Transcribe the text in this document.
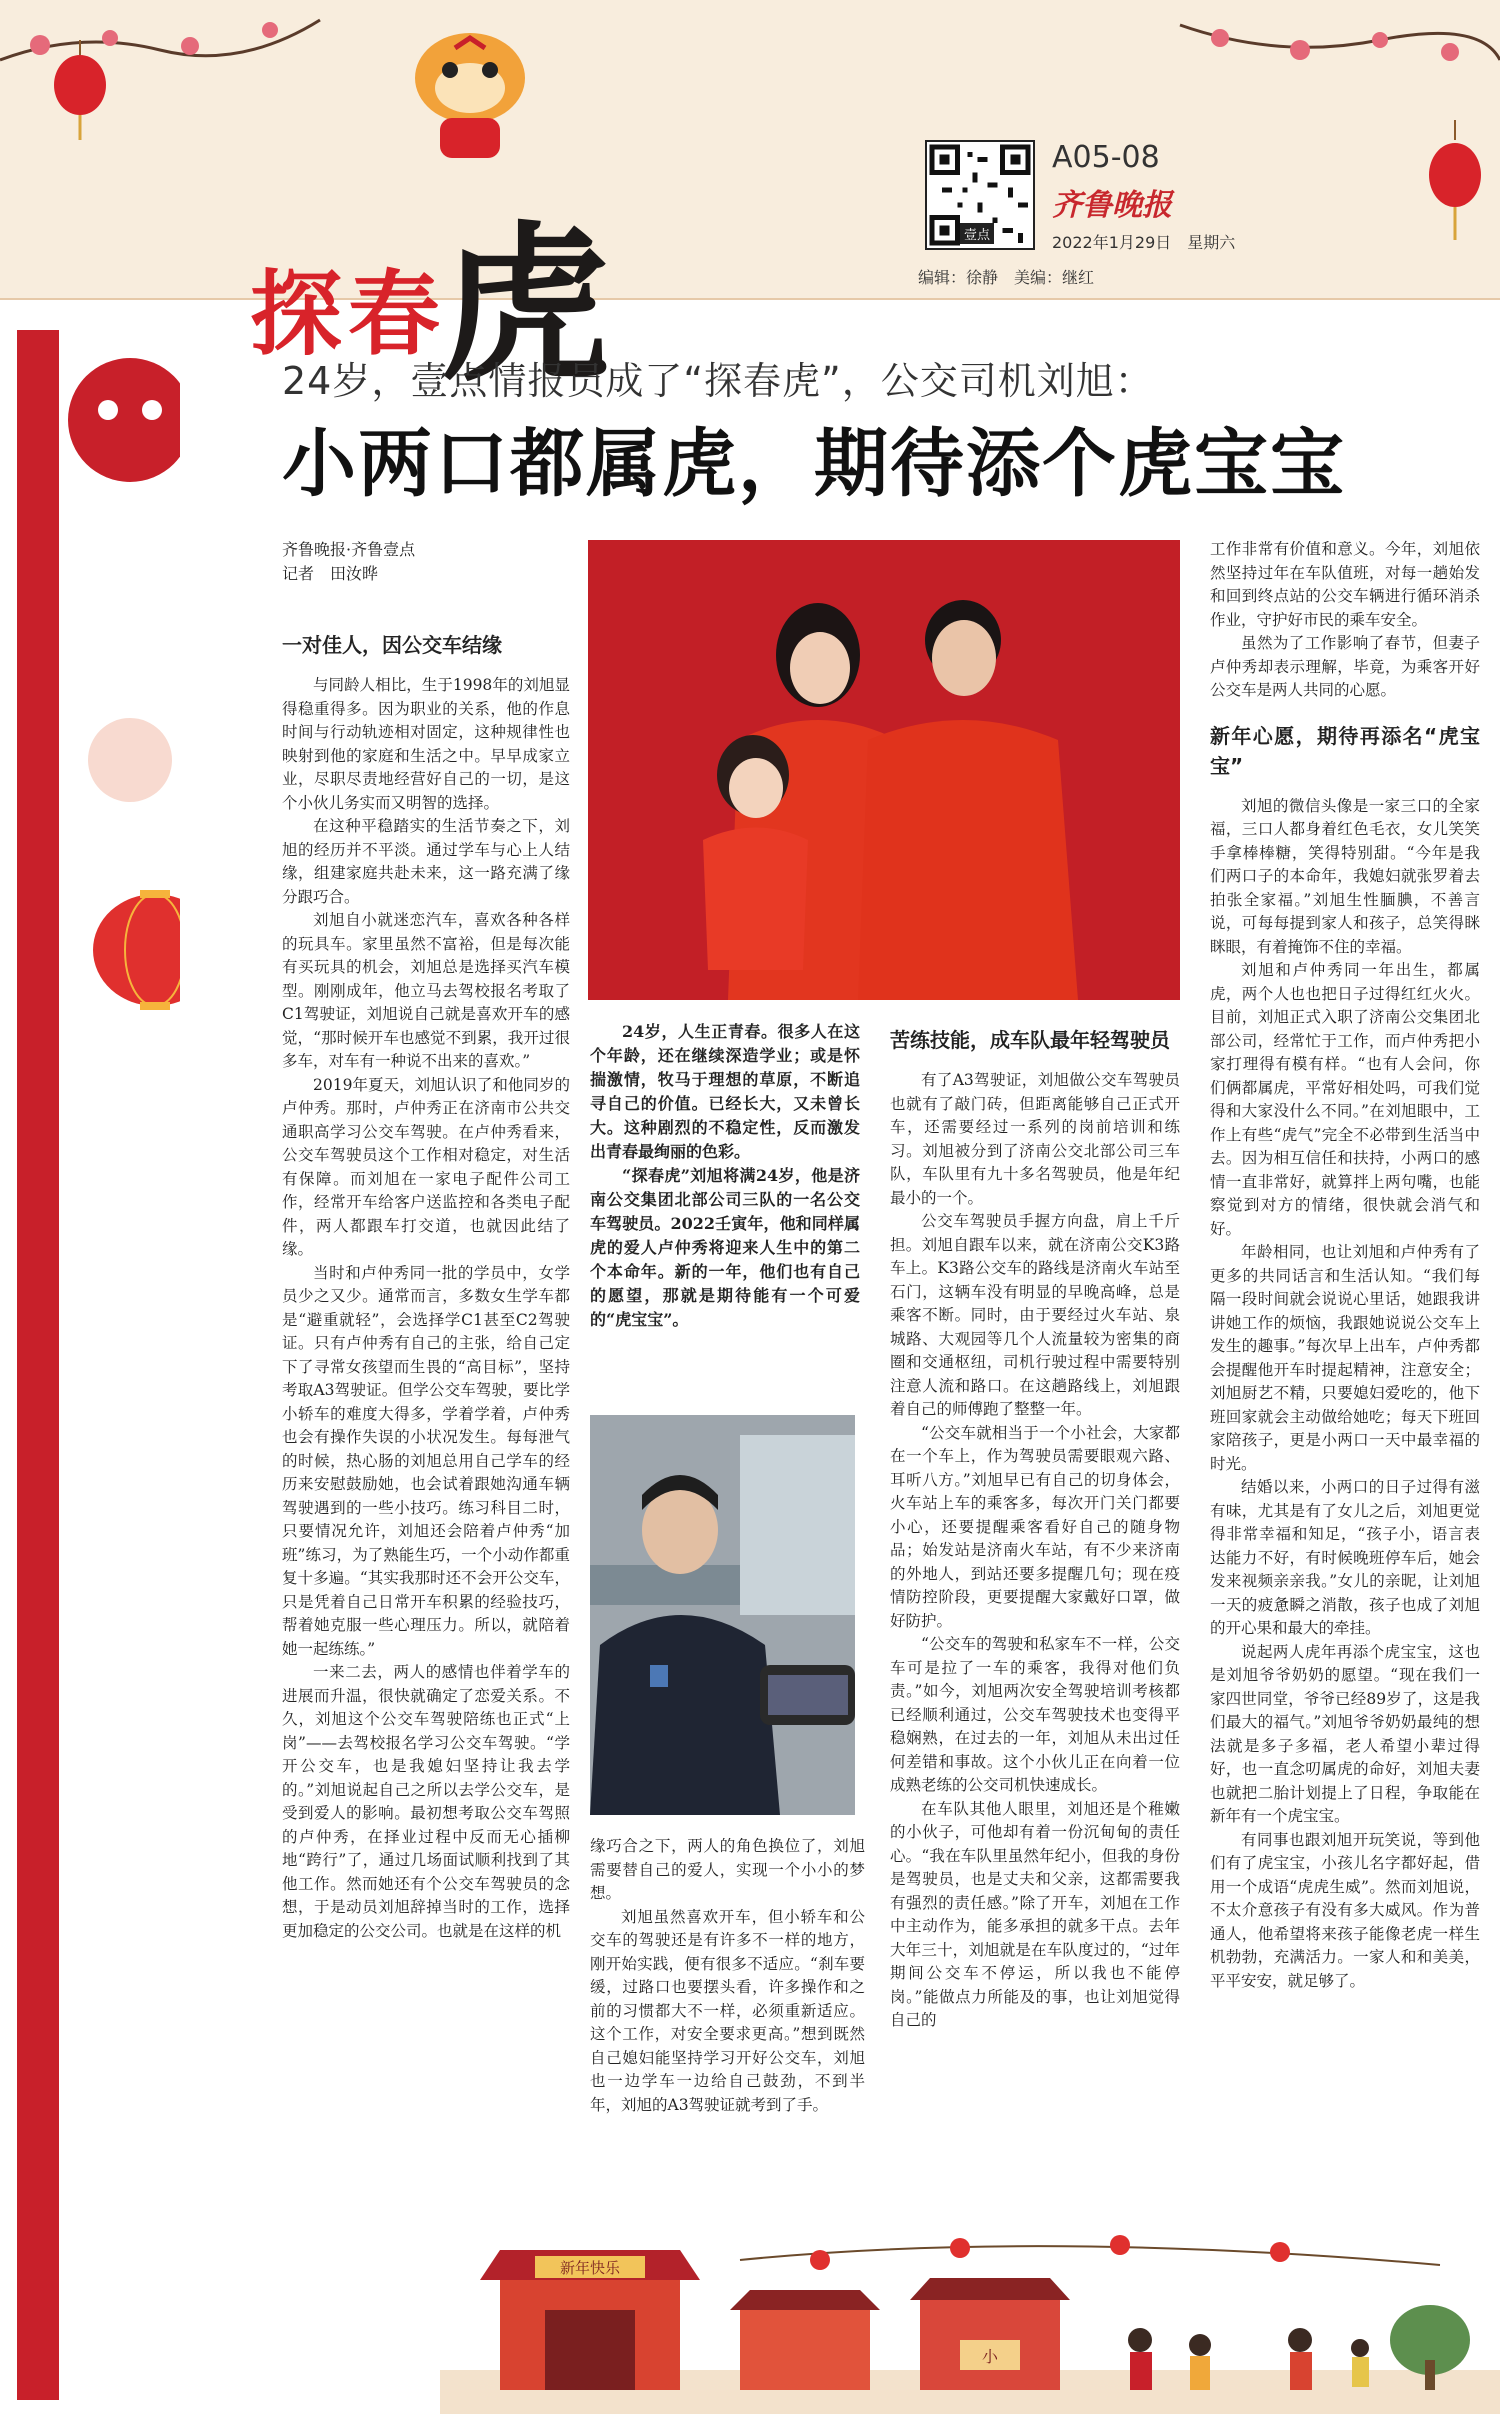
探春虎	壹点
A05-08
齐鲁晚报
2022年1月29日　星期六
编辑：徐静　美编：继红
24岁，壹点情报员成了“探春虎”，公交司机刘旭：
小两口都属虎，期待添个虎宝宝
齐鲁晚报·齐鲁壹点
记者　田汝晔
一对佳人，因公交车结缘

与同龄人相比，生于1998年的刘旭显得稳重得多。因为职业的关系，他的作息时间与行动轨迹相对固定，这种规律性也映射到他的家庭和生活之中。早早成家立业，尽职尽责地经营好自己的一切，是这个小伙儿务实而又明智的选择。

在这种平稳踏实的生活节奏之下，刘旭的经历并不平淡。通过学车与心上人结缘，组建家庭共赴未来，这一路充满了缘分跟巧合。

刘旭自小就迷恋汽车，喜欢各种各样的玩具车。家里虽然不富裕，但是每次能有买玩具的机会，刘旭总是选择买汽车模型。刚刚成年，他立马去驾校报名考取了C1驾驶证，刘旭说自己就是喜欢开车的感觉，“那时候开车也感觉不到累，我开过很多车，对车有一种说不出来的喜欢。”

2019年夏天，刘旭认识了和他同岁的卢仲秀。那时，卢仲秀正在济南市公共交通职高学习公交车驾驶。在卢仲秀看来，公交车驾驶员这个工作相对稳定，对生活有保障。而刘旭在一家电子配件公司工作，经常开车给客户送监控和各类电子配件，两人都跟车打交道，也就因此结了缘。

当时和卢仲秀同一批的学员中，女学员少之又少。通常而言，多数女生学车都是“避重就轻”，会选择学C1甚至C2驾驶证。只有卢仲秀有自己的主张，给自己定下了寻常女孩望而生畏的“高目标”，坚持考取A3驾驶证。但学公交车驾驶，要比学小轿车的难度大得多，学着学着，卢仲秀也会有操作失误的小状况发生。每每泄气的时候，热心肠的刘旭总用自己学车的经历来安慰鼓励她，也会试着跟她沟通车辆驾驶遇到的一些小技巧。练习科目二时，只要情况允许，刘旭还会陪着卢仲秀“加班”练习，为了熟能生巧，一个小动作都重复十多遍。“其实我那时还不会开公交车，只是凭着自己日常开车积累的经验技巧，帮着她克服一些心理压力。所以，就陪着她一起练练。”

一来二去，两人的感情也伴着学车的进展而升温，很快就确定了恋爱关系。不久，刘旭这个公交车驾驶陪练也正式“上岗”——去驾校报名学习公交车驾驶。“学开公交车，也是我媳妇坚持让我去学的。”刘旭说起自己之所以去学公交车，是受到爱人的影响。最初想考取公交车驾照的卢仲秀，在择业过程中反而无心插柳地“跨行”了，通过几场面试顺利找到了其他工作。然而她还有个公交车驾驶员的念想，于是动员刘旭辞掉当时的工作，选择更加稳定的公交公司。也就是在这样的机

24岁，人生正青春。很多人在这个年龄，还在继续深造学业；或是怀揣激情，牧马于理想的草原，不断追寻自己的价值。已经长大，又未曾长大。这种剧烈的不稳定性，反而激发出青春最绚丽的色彩。

“探春虎”刘旭将满24岁，他是济南公交集团北部公司三队的一名公交车驾驶员。2022壬寅年，他和同样属虎的爱人卢仲秀将迎来人生中的第二个本命年。新的一年，他们也有自己的愿望，那就是期待能有一个可爱的“虎宝宝”。

缘巧合之下，两人的角色换位了，刘旭需要替自己的爱人，实现一个小小的梦想。

刘旭虽然喜欢开车，但小轿车和公交车的驾驶还是有许多不一样的地方，刚开始实践，便有很多不适应。“刹车要缓，过路口也要摆头看，许多操作和之前的习惯都大不一样，必须重新适应。这个工作，对安全要求更高。”想到既然自己媳妇能坚持学习开好公交车，刘旭也一边学车一边给自己鼓劲，不到半年，刘旭的A3驾驶证就考到了手。

苦练技能，成车队最年轻驾驶员

有了A3驾驶证，刘旭做公交车驾驶员也就有了敲门砖，但距离能够自己正式开车，还需要经过一系列的岗前培训和练习。刘旭被分到了济南公交北部公司三车队，车队里有九十多名驾驶员，他是年纪最小的一个。

公交车驾驶员手握方向盘，肩上千斤担。刘旭自跟车以来，就在济南公交K3路车上。K3路公交车的路线是济南火车站至石门，这辆车没有明显的早晚高峰，总是乘客不断。同时，由于要经过火车站、泉城路、大观园等几个人流量较为密集的商圈和交通枢纽，司机行驶过程中需要特别注意人流和路口。在这趟路线上，刘旭跟着自己的师傅跑了整整一年。

“公交车就相当于一个小社会，大家都在一个车上，作为驾驶员需要眼观六路、耳听八方。”刘旭早已有自己的切身体会，火车站上车的乘客多，每次开门关门都要小心，还要提醒乘客看好自己的随身物品；始发站是济南火车站，有不少来济南的外地人，到站还要多提醒几句；现在疫情防控阶段，更要提醒大家戴好口罩，做好防护。

“公交车的驾驶和私家车不一样，公交车可是拉了一车的乘客，我得对他们负责。”如今，刘旭两次安全驾驶培训考核都已经顺利通过，公交车驾驶技术也变得平稳娴熟，在过去的一年，刘旭从未出过任何差错和事故。这个小伙儿正在向着一位成熟老练的公交司机快速成长。

在车队其他人眼里，刘旭还是个稚嫩的小伙子，可他却有着一份沉甸甸的责任心。“我在车队里虽然年纪小，但我的身份是驾驶员，也是丈夫和父亲，这都需要我有强烈的责任感。”除了开车，刘旭在工作中主动作为，能多承担的就多干点。去年大年三十，刘旭就是在车队度过的，“过年期间公交车不停运，所以我也不能停岗。”能做点力所能及的事，也让刘旭觉得自己的

工作非常有价值和意义。今年，刘旭依然坚持过年在车队值班，对每一趟始发和回到终点站的公交车辆进行循环消杀作业，守护好市民的乘车安全。

虽然为了工作影响了春节，但妻子卢仲秀却表示理解，毕竟，为乘客开好公交车是两人共同的心愿。

新年心愿，期待再添名“虎宝宝”

刘旭的微信头像是一家三口的全家福，三口人都身着红色毛衣，女儿笑笑手拿棒棒糖，笑得特别甜。“今年是我们两口子的本命年，我媳妇就张罗着去拍张全家福。”刘旭生性腼腆，不善言说，可每每提到家人和孩子，总笑得眯眯眼，有着掩饰不住的幸福。

刘旭和卢仲秀同一年出生，都属虎，两个人也也把日子过得红红火火。目前，刘旭正式入职了济南公交集团北部公司，经常忙于工作，而卢仲秀把小家打理得有模有样。“也有人会问，你们俩都属虎，平常好相处吗，可我们觉得和大家没什么不同。”在刘旭眼中，工作上有些“虎气”完全不必带到生活当中去。因为相互信任和扶持，小两口的感情一直非常好，就算拌上两句嘴，也能察觉到对方的情绪，很快就会消气和好。

年龄相同，也让刘旭和卢仲秀有了更多的共同话言和生活认知。“我们每隔一段时间就会说说心里话，她跟我讲讲她工作的烦恼，我跟她说说公交车上发生的趣事。”每次早上出车，卢仲秀都会提醒他开车时提起精神，注意安全；刘旭厨艺不精，只要媳妇爱吃的，他下班回家就会主动做给她吃；每天下班回家陪孩子，更是小两口一天中最幸福的时光。

结婚以来，小两口的日子过得有滋有味，尤其是有了女儿之后，刘旭更觉得非常幸福和知足，“孩子小，语言表达能力不好，有时候晚班停车后，她会发来视频亲亲我。”女儿的亲昵，让刘旭一天的疲惫瞬之消散，孩子也成了刘旭的开心果和最大的牵挂。

说起两人虎年再添个虎宝宝，这也是刘旭爷爷奶奶的愿望。“现在我们一家四世同堂，爷爷已经89岁了，这是我们最大的福气。”刘旭爷爷奶奶最纯的想法就是多子多福，老人希望小辈过得好，也一直念叨属虎的命好，刘旭夫妻也就把二胎计划提上了日程，争取能在新年有一个虎宝宝。

有同事也跟刘旭开玩笑说，等到他们有了虎宝宝，小孩儿名字都好起，借用一个成语“虎虎生威”。然而刘旭说，不太介意孩子有没有多大威风。作为普通人，他希望将来孩子能像老虎一样生机勃勃，充满活力。一家人和和美美，平平安安，就足够了。

新年快乐
小
